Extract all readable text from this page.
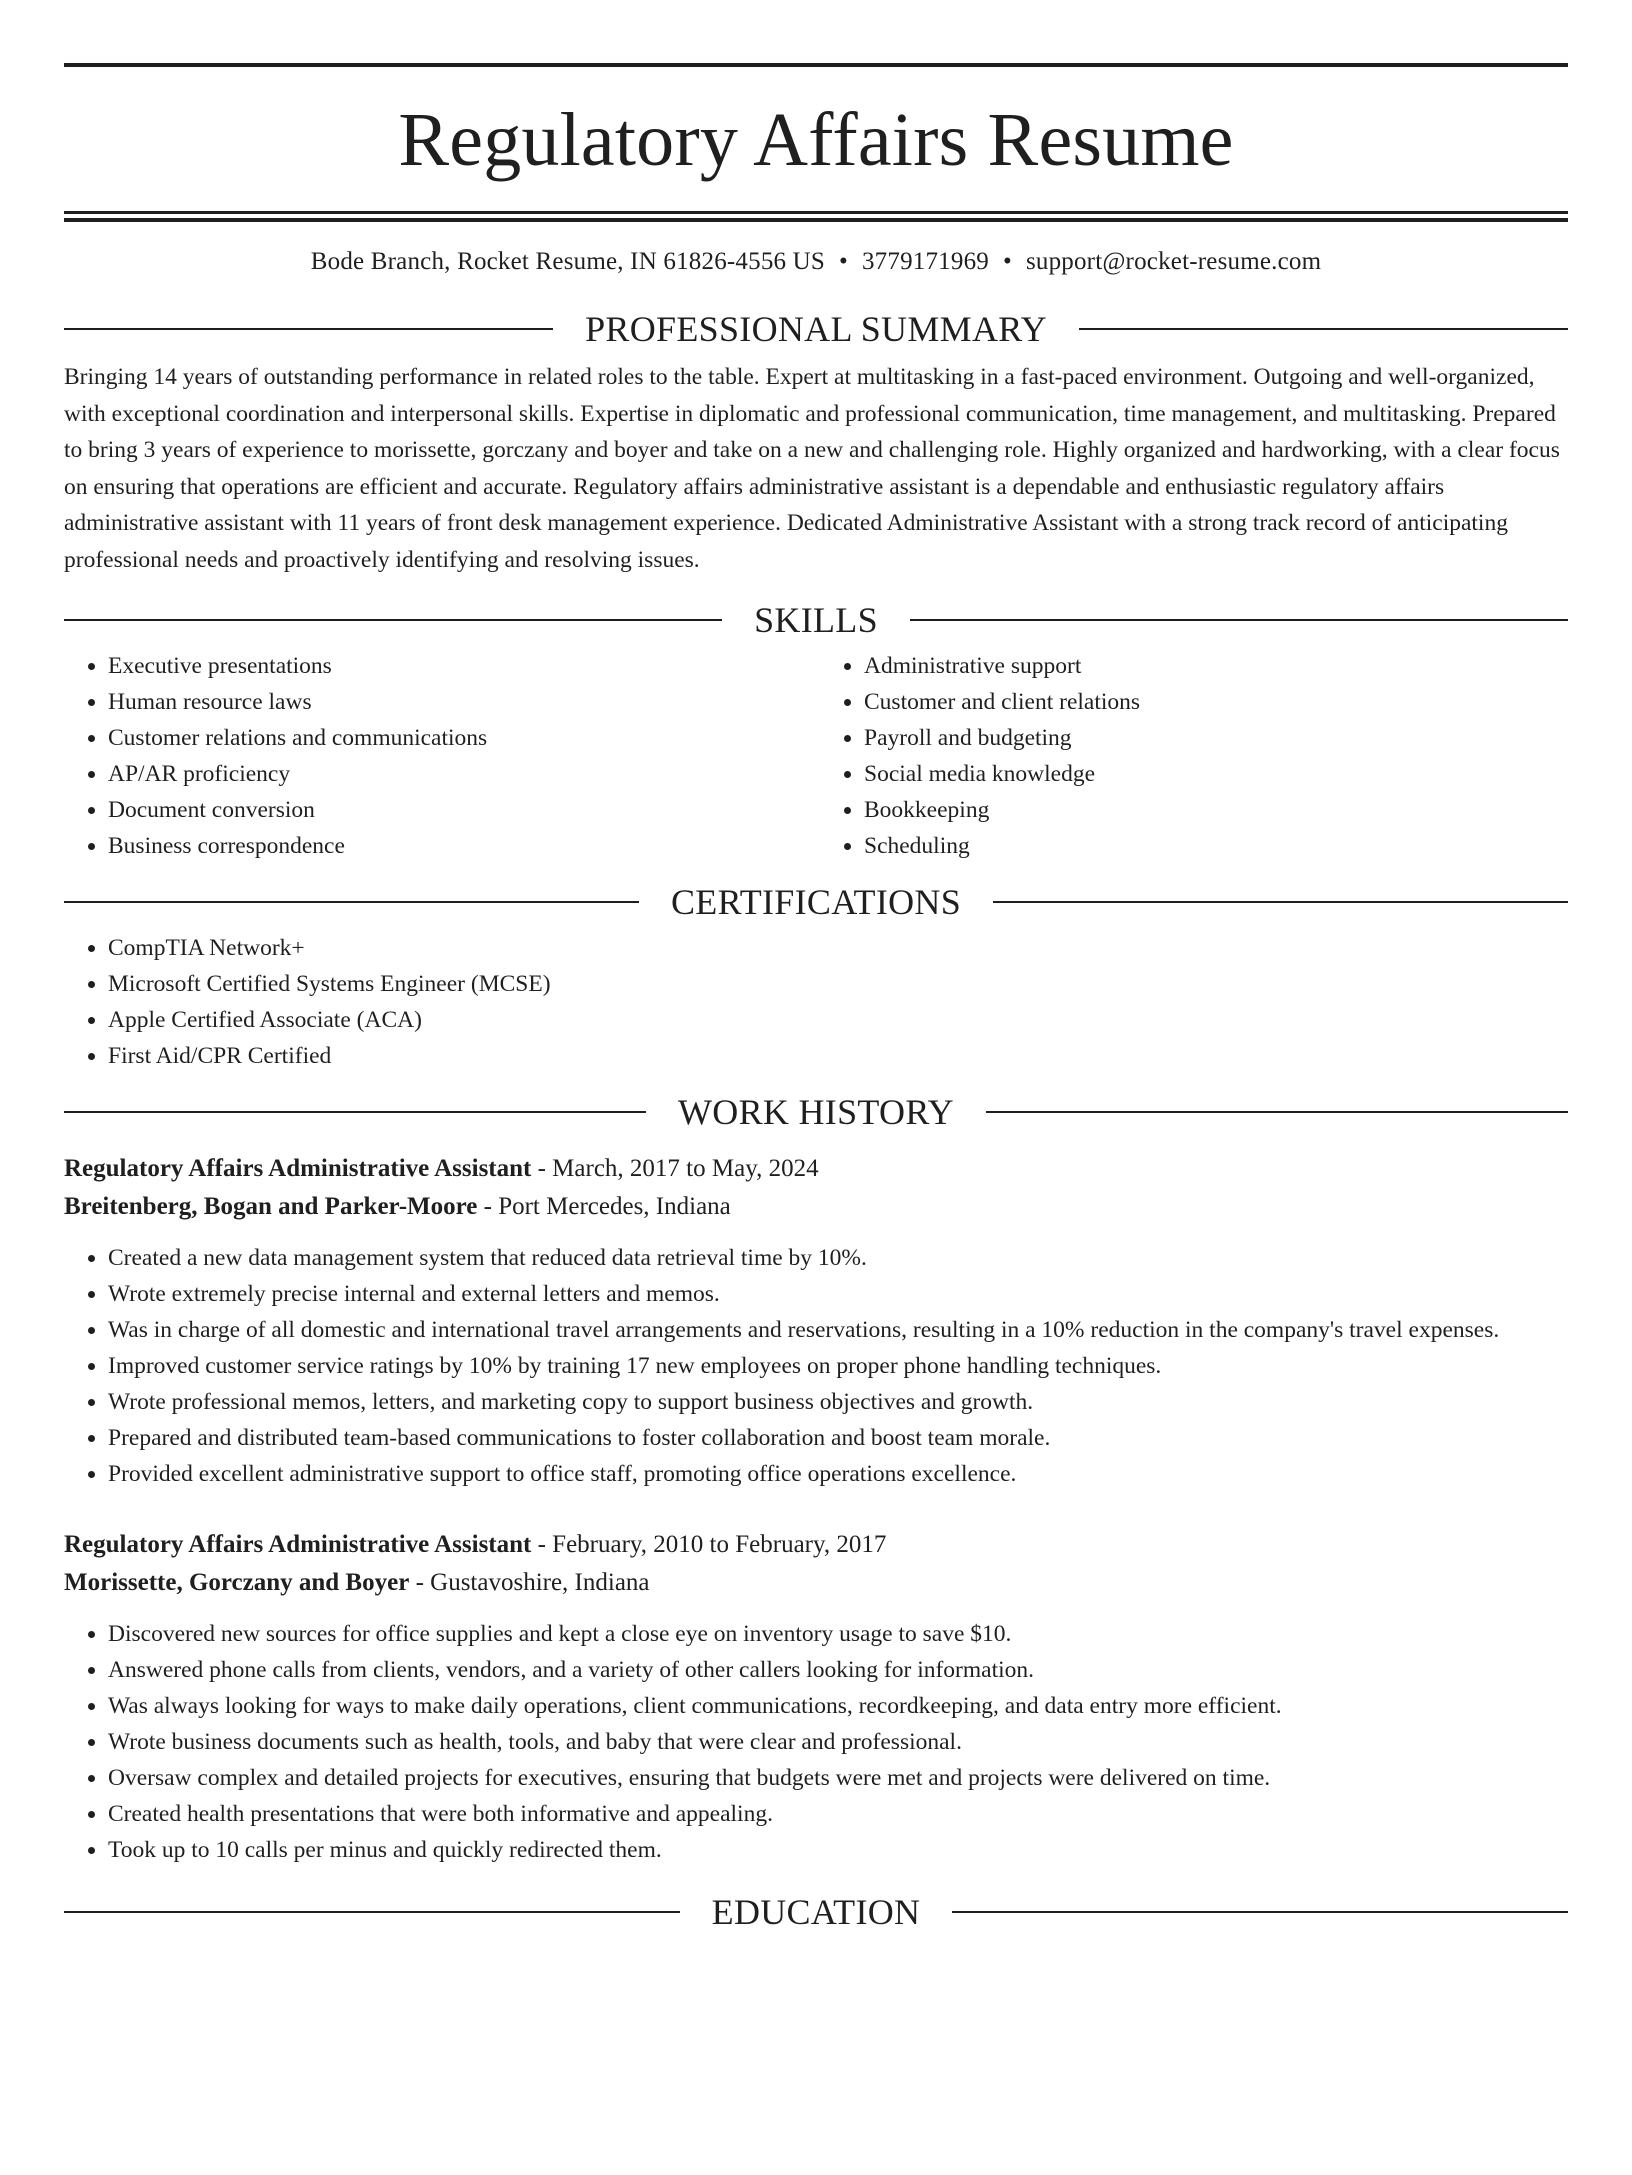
Regulatory Affairs Resume
Bode Branch, Rocket Resume, IN 61826-4556 US • 3779171969 • support@rocket-resume.com
PROFESSIONAL SUMMARY

Bringing 14 years of outstanding performance in related roles to the table. Expert at multitasking in a fast-paced environment. Outgoing and well-organized, with exceptional coordination and interpersonal skills. Expertise in diplomatic and professional communication, time management, and multitasking. Prepared to bring 3 years of experience to morissette, gorczany and boyer and take on a new and challenging role. Highly organized and hardworking, with a clear focus on ensuring that operations are efficient and accurate. Regulatory affairs administrative assistant is a dependable and enthusiastic regulatory affairs administrative assistant with 11 years of front desk management experience. Dedicated Administrative Assistant with a strong track record of anticipating professional needs and proactively identifying and resolving issues.

SKILLS
• Executive presentations
• Human resource laws
• Customer relations and communications
• AP/AR proficiency
• Document conversion
• Business correspondence
• Administrative support
• Customer and client relations
• Payroll and budgeting
• Social media knowledge
• Bookkeeping
• Scheduling
CERTIFICATIONS
• CompTIA Network+
• Microsoft Certified Systems Engineer (MCSE)
• Apple Certified Associate (ACA)
• First Aid/CPR Certified
WORK HISTORY
Regulatory Affairs Administrative Assistant - March, 2017 to May, 2024
Breitenberg, Bogan and Parker-Moore - Port Mercedes, Indiana
• Created a new data management system that reduced data retrieval time by 10%.
• Wrote extremely precise internal and external letters and memos.
• Was in charge of all domestic and international travel arrangements and reservations, resulting in a 10% reduction in the company's travel expenses.
• Improved customer service ratings by 10% by training 17 new employees on proper phone handling techniques.
• Wrote professional memos, letters, and marketing copy to support business objectives and growth.
• Prepared and distributed team-based communications to foster collaboration and boost team morale.
• Provided excellent administrative support to office staff, promoting office operations excellence.
Regulatory Affairs Administrative Assistant - February, 2010 to February, 2017
Morissette, Gorczany and Boyer - Gustavoshire, Indiana
• Discovered new sources for office supplies and kept a close eye on inventory usage to save $10.
• Answered phone calls from clients, vendors, and a variety of other callers looking for information.
• Was always looking for ways to make daily operations, client communications, recordkeeping, and data entry more efficient.
• Wrote business documents such as health, tools, and baby that were clear and professional.
• Oversaw complex and detailed projects for executives, ensuring that budgets were met and projects were delivered on time.
• Created health presentations that were both informative and appealing.
• Took up to 10 calls per minus and quickly redirected them.
EDUCATION
